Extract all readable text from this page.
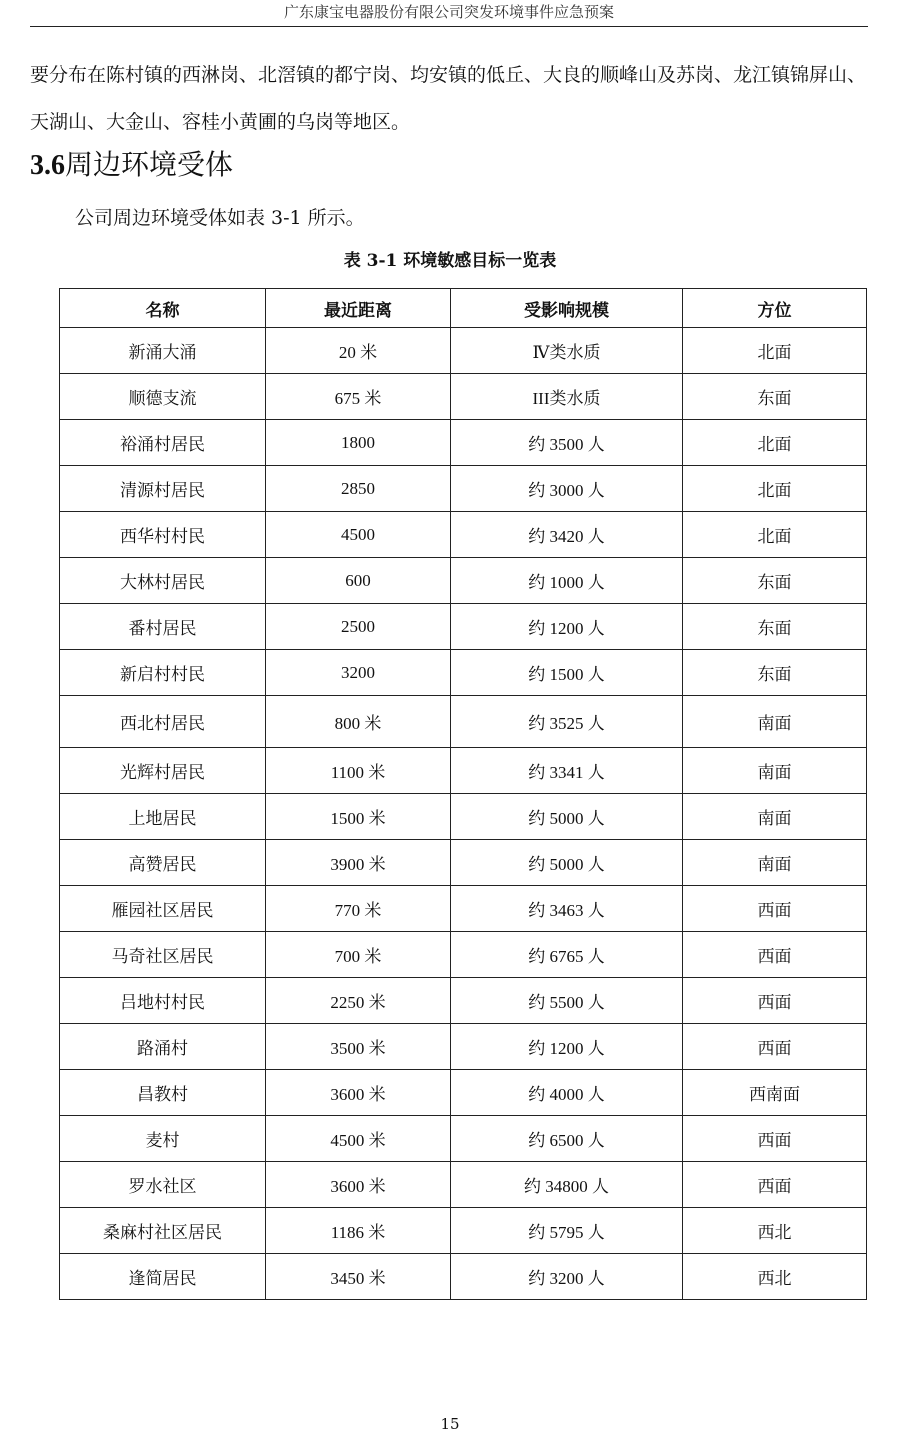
广东康宝电器股份有限公司突发环境事件应急预案

要分布在陈村镇的西淋岗、北滘镇的都宁岗、均安镇的低丘、大良的顺峰山及苏岗、龙江镇锦屏山、天湖山、大金山、容桂小黄圃的乌岗等地区。

3.6周边环境受体

公司周边环境受体如表 3-1 所示。

表 3-1 环境敏感目标一览表

名称	最近距离	受影响规模	方位
新涌大涌	20 米	Ⅳ类水质	北面
顺德支流	675 米	III类水质	东面
裕涌村居民	1800	约 3500 人	北面
清源村居民	2850	约 3000 人	北面
西华村村民	4500	约 3420 人	北面
大林村居民	600	约 1000 人	东面
番村居民	2500	约 1200 人	东面
新启村村民	3200	约 1500 人	东面
西北村居民	800 米	约 3525 人	南面
光辉村居民	1100 米	约 3341 人	南面
上地居民	1500 米	约 5000 人	南面
高赞居民	3900 米	约 5000 人	南面
雁园社区居民	770 米	约 3463 人	西面
马奇社区居民	700 米	约 6765 人	西面
吕地村村民	2250 米	约 5500 人	西面
路涌村	3500 米	约 1200 人	西面
昌教村	3600 米	约 4000 人	西南面
麦村	4500 米	约 6500 人	西面
罗水社区	3600 米	约 34800 人	西面
桑麻村社区居民	1186 米	约 5795 人	西北
逢简居民	3450 米	约 3200 人	西北

15
